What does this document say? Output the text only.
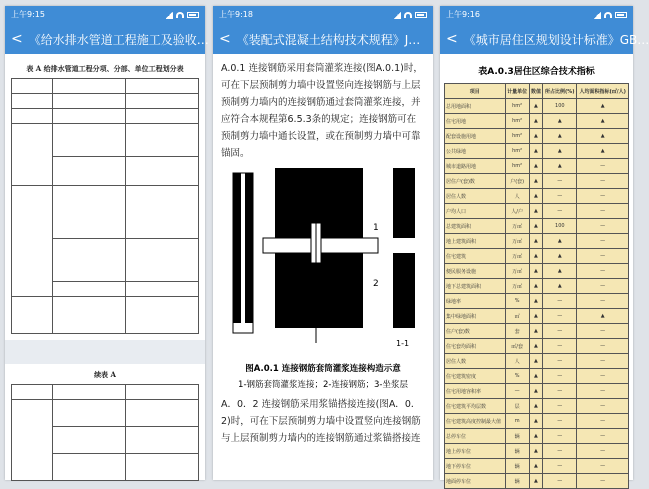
上午9:15
< 《给水排水管道工程施工及验收…
表 A 给排水管道工程分项、分部、单位工程划分表

续表 A

上午9:18
< 《装配式混凝土结构技术规程》J…
A.0.1 连接钢筋采用套筒灌浆连接(图A.0.1)时，可在下层预制剪力墙中设置竖向连接钢筋与上层预制剪力墙内的连接钢筋通过套筒灌浆连接，并应符合本规程第6.5.3条的规定；连接钢筋可在预制剪力墙中通长设置，或在预制剪力墙中可靠锚固。
1
2
1-1
图A.0.1 连接钢筋套筒灌浆连接构造示意
1-钢筋套筒灌浆连接；2-连接钢筋；3-坐浆层
A．0．2 连接钢筋采用浆锚搭接连接(图A．0．2)时，可在下层预制剪力墙中设置竖向连接钢筋与上层预制剪力墙内的连接钢筋通过浆锚搭接连
上午9:16
< 《城市居住区规划设计标准》GB…
表A.0.3居住区综合技术指标
项目	计量单位	数值	所占比例(%)	人均面积指标(㎡/人)
总用地面积	hm²	▲	100	▲
住宅用地	hm²	▲	▲	▲
配套设施用地	hm²	▲	▲	▲
公共绿地	hm²	▲	▲	▲
城市道路用地	hm²	▲	▲	—
居住户(套)数	户(套)	▲	—	—
居住人数	人	▲	—	—
户均人口	人/户	▲	—	—
总建筑面积	万㎡	▲	100	—
地上建筑面积	万㎡	▲	▲	—
住宅建筑	万㎡	▲	▲	—
便民服务设施	万㎡	▲	▲	—
地下总建筑面积	万㎡	▲	▲	—
绿地率	%	▲	—	—
集中绿地面积	㎡	▲	—	▲
住户(套)数	套	▲	—	—
住宅套均面积	㎡/套	▲	—	—
居住人数	人	▲	—	—
住宅建筑密度	%	▲	—	—
住宅用地容积率	—	▲	—	—
住宅建筑平均层数	层	▲	—	—
住宅建筑高度控制最大值	m	▲	—	—
总停车位	辆	▲	—	—
地上停车位	辆	▲	—	—
地下停车位	辆	▲	—	—
地面停车位	辆	▲	—	—
